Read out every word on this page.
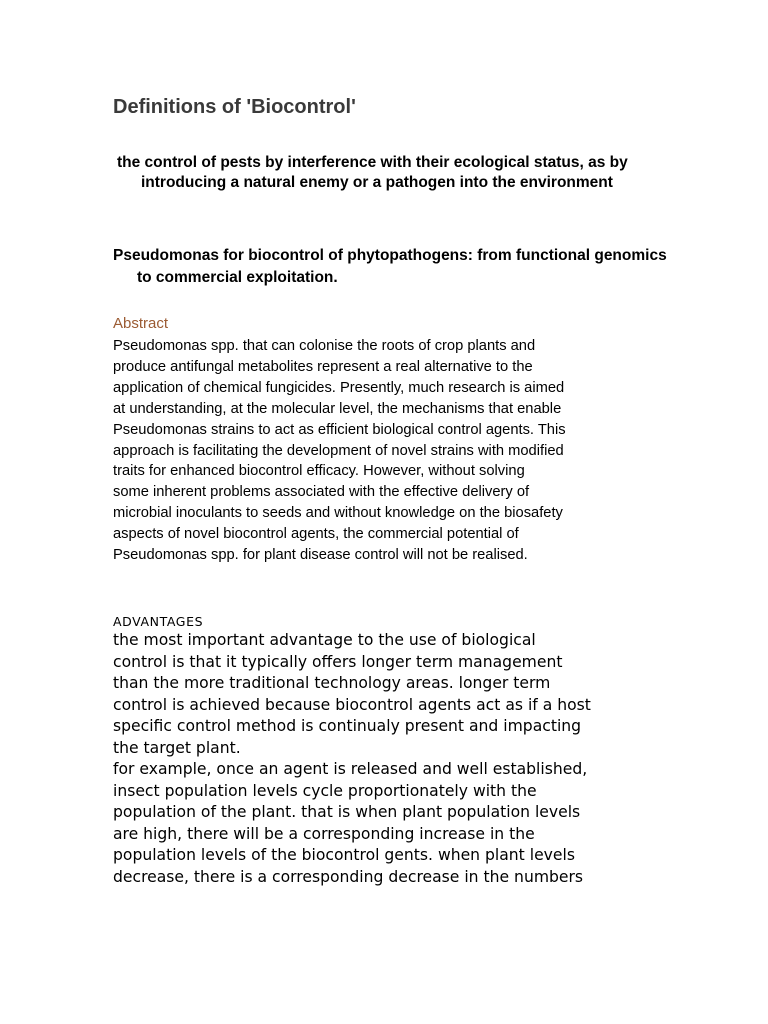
Definitions of 'Biocontrol'

the control of pests by interference with their ecological status, as by introducing a natural enemy or a pathogen into the environment

Pseudomonas for biocontrol of phytopathogens: from functional genomics to commercial exploitation.

Abstract

Pseudomonas spp. that can colonise the roots of crop plants and
produce antifungal metabolites represent a real alternative to the
application of chemical fungicides. Presently, much research is aimed
at understanding, at the molecular level, the mechanisms that enable
Pseudomonas strains to act as efficient biological control agents. This
approach is facilitating the development of novel strains with modified
traits for enhanced biocontrol efficacy. However, without solving
some inherent problems associated with the effective delivery of
microbial inoculants to seeds and without knowledge on the biosafety
aspects of novel biocontrol agents, the commercial potential of
Pseudomonas spp. for plant disease control will not be realised.

ADVANTAGES

the most important advantage to the use of biological
control is that it typically offers longer term management
than the more traditional technology areas. longer term
control is achieved because biocontrol agents act as if a host
specific control method is continualy present and impacting
the target plant.
for example, once an agent is released and well established,
insect population levels cycle proportionately with the
population of the plant. that is when plant population levels
are high, there will be a corresponding increase in the
population levels of the biocontrol gents. when plant levels
decrease, there is a corresponding decrease in the numbers
